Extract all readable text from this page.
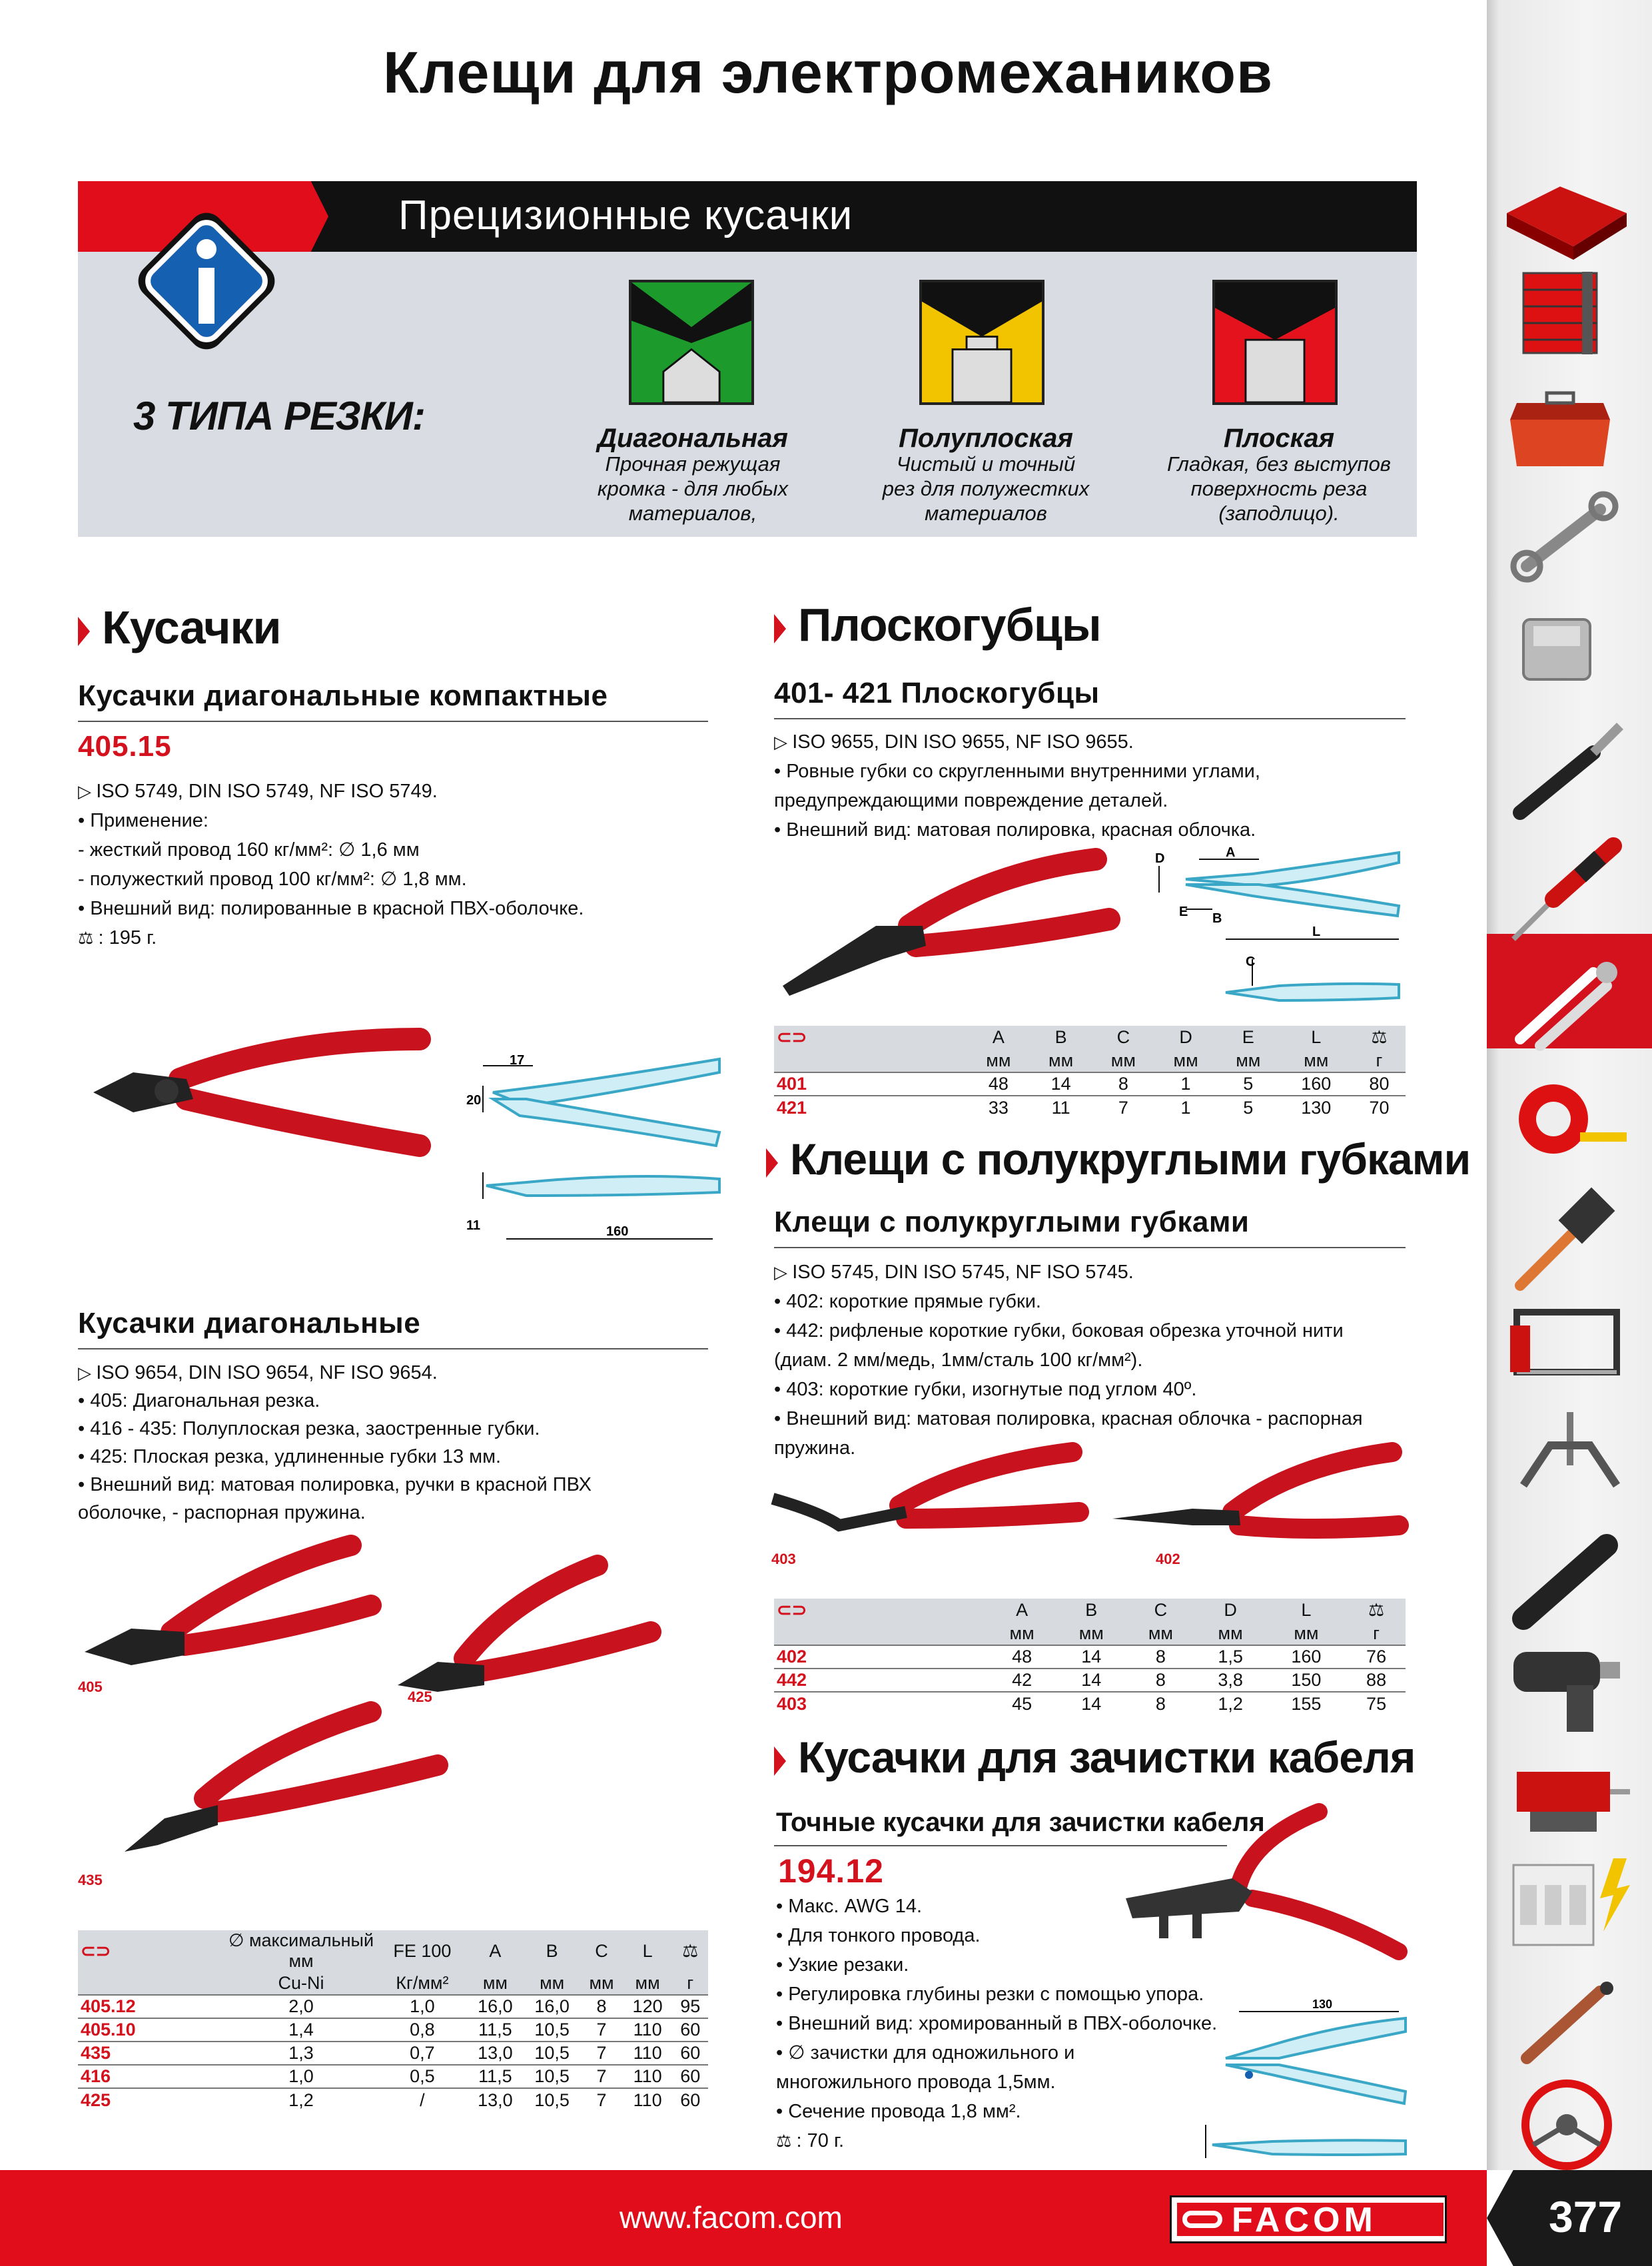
Клещи для электромехаников
Прецизионные кусачки
3 ТИПА РЕЗКИ:	Диагональная
Прочная режущая
кромка - для любых
материалов,
Полуплоская
Чистый и точный
рез для полужестких
материалов
Плоская
Гладкая, без выступов
поверхность реза
(заподлицо).
Кусачки
Кусачки диагональные компактные
405.15
▷ ISO 5749, DIN ISO 5749, NF ISO 5749.
• Применение:
- жесткий провод 160 кг/мм²: ∅ 1,6 мм
- полужесткий провод 100 кг/мм²: ∅ 1,8 мм.
• Внешний вид: полированные в красной ПВХ-оболочке.
⚖ : 195 г.
17
20
11	160
Кусачки диагональные
▷ ISO 9654, DIN ISO 9654, NF ISO 9654.
• 405: Диагональная резка.
• 416 - 435: Полуплоская резка, заостренные губки.
• 425: Плоская резка, удлиненные губки 13 мм.
• Внешний вид: матовая полировка, ручки в красной ПВХ
оболочке, - распорная пружина.
405
425
435
⊂⊃	∅ максимальный мм	FE 100	A	B	C	L	⚖
	Cu-Ni	Кг/мм²	мм	мм	мм	мм	г
405.12	2,0	1,0	16,0	16,0	8	120	95
405.10	1,4	0,8	11,5	10,5	7	110	60
435	1,3	0,7	13,0	10,5	7	110	60
416	1,0	0,5	11,5	10,5	7	110	60
425	1,2	/	13,0	10,5	7	110	60
Плоскогубцы
401- 421 Плоскогубцы
▷ ISO 9655, DIN ISO 9655, NF ISO 9655.
• Ровные губки со скругленными внутренними углами,
предупреждающими повреждение деталей.
• Внешний вид: матовая полировка, красная облочка.
D	A
E B
L
C
⊂⊃	A	B	C	D	E	L	⚖
	мм	мм	мм	мм	мм	мм	г
401	48	14	8	1	5	160	80
421	33	11	7	1	5	130	70
Клещи с полукруглыми губками
Клещи с полукруглыми губками
▷ ISO 5745, DIN ISO 5745, NF ISO 5745.
• 402: короткие прямые губки.
• 442: рифленые короткие губки, боковая обрезка уточной нити
(диам. 2 мм/медь, 1мм/сталь 100 кг/мм²).
• 403: короткие губки, изогнутые под углом 40º.
• Внешний вид: матовая полировка, красная облочка - распорная пружина.
403	402
⊂⊃	A	B	C	D	L	⚖
	мм	мм	мм	мм	мм	г
402	48	14	8	1,5	160	76
442	42	14	8	3,8	150	88
403	45	14	8	1,2	155	75
Кусачки для зачистки кабеля
Точные кусачки для зачистки кабеля
194.12
• Макс. AWG 14.
• Для тонкого провода.
• Узкие резаки.
• Регулировка глубины резки с помощью упора.
• Внешний вид: хромированный в ПВХ-оболочке.
• ∅ зачистки для одножильного и
многожильного провода 1,5мм.
• Сечение провода 1,8 мм².
⚖ : 70 г.
130
www.facom.com	FACOM	377
